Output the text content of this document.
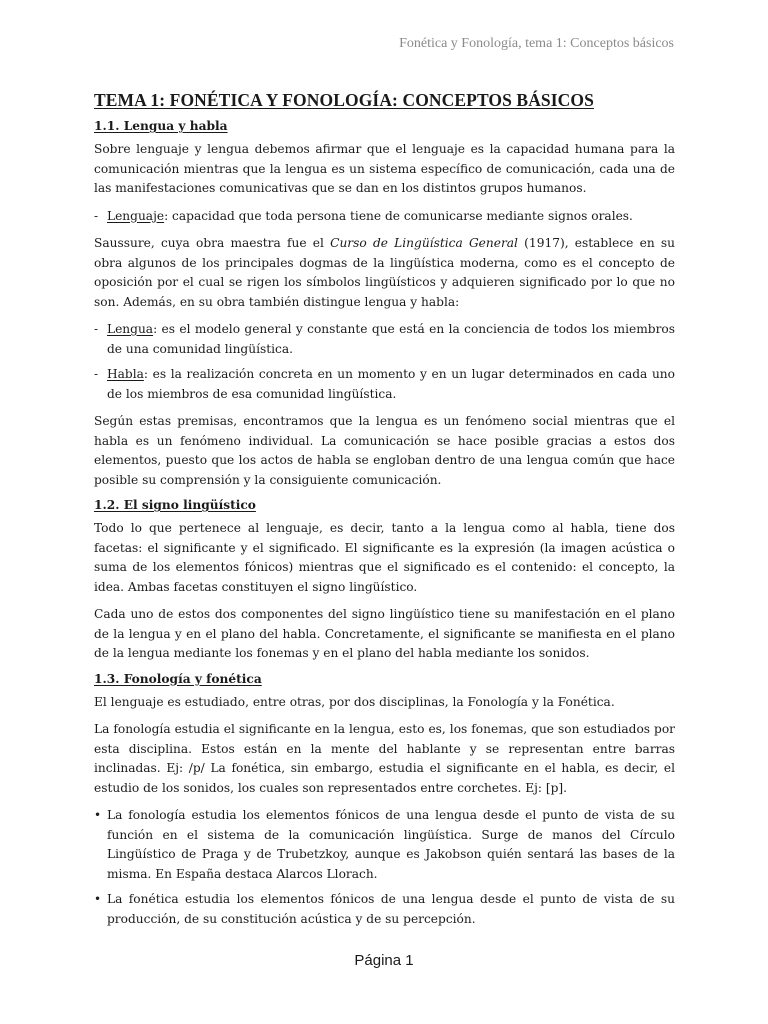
Fonética y Fonología, tema 1: Conceptos básicos
TEMA 1: FONÉTICA Y FONOLOGÍA: CONCEPTOS BÁSICOS
1.1. Lengua y habla

Sobre lenguaje y lengua debemos afirmar que el lenguaje es la capacidad humana para la comunicación mientras que la lengua es un sistema específico de comunicación, cada una de las manifestaciones comunicativas que se dan en los distintos grupos humanos.

- Lenguaje: capacidad que toda persona tiene de comunicarse mediante signos orales.

Saussure, cuya obra maestra fue el Curso de Lingüística General (1917), establece en su obra algunos de los principales dogmas de la lingüística moderna, como es el concepto de oposición por el cual se rigen los símbolos lingüísticos y adquieren significado por lo que no son. Además, en su obra también distingue lengua y habla:

- Lengua: es el modelo general y constante que está en la conciencia de todos los miembros de una comunidad lingüística.
- Habla: es la realización concreta en un momento y en un lugar determinados en cada uno de los miembros de esa comunidad lingüística.

Según estas premisas, encontramos que la lengua es un fenómeno social mientras que el habla es un fenómeno individual. La comunicación se hace posible gracias a estos dos elementos, puesto que los actos de habla se engloban dentro de una lengua común que hace posible su comprensión y la consiguiente comunicación.

1.2. El signo lingüístico

Todo lo que pertenece al lenguaje, es decir, tanto a la lengua como al habla, tiene dos facetas: el significante y el significado. El significante es la expresión (la imagen acústica o suma de los elementos fónicos) mientras que el significado es el contenido: el concepto, la idea. Ambas facetas constituyen el signo lingüístico.

Cada uno de estos dos componentes del signo lingüístico tiene su manifestación en el plano de la lengua y en el plano del habla. Concretamente, el significante se manifiesta en el plano de la lengua mediante los fonemas y en el plano del habla mediante los sonidos.

1.3. Fonología y fonética

El lenguaje es estudiado, entre otras, por dos disciplinas, la Fonología y la Fonética.

La fonología estudia el significante en la lengua, esto es, los fonemas, que son estudiados por esta disciplina. Estos están en la mente del hablante y se representan entre barras inclinadas. Ej: /p/ La fonética, sin embargo, estudia el significante en el habla, es decir, el estudio de los sonidos, los cuales son representados entre corchetes. Ej: [p].

• La fonología estudia los elementos fónicos de una lengua desde el punto de vista de su función en el sistema de la comunicación lingüística. Surge de manos del Círculo Lingüístico de Praga y de Trubetzkoy, aunque es Jakobson quién sentará las bases de la misma. En España destaca Alarcos Llorach.
• La fonética estudia los elementos fónicos de una lengua desde el punto de vista de su producción, de su constitución acústica y de su percepción.
Página 1
